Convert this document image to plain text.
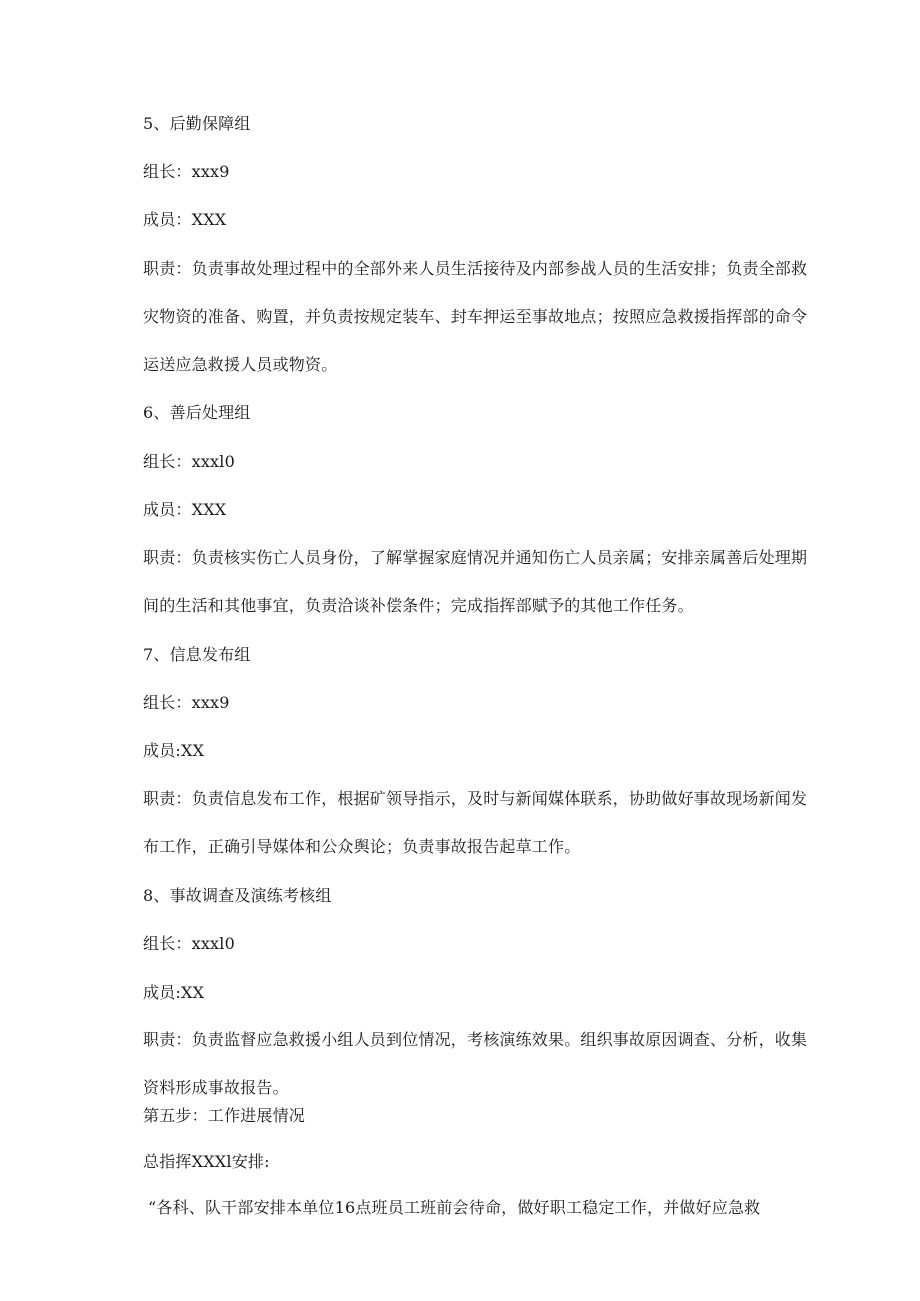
5、后勤保障组

组长：xxx9

成员：XXX

职责：负责事故处理过程中的全部外来人员生活接待及内部参战人员的生活安排；负责全部救灾物资的准备、购置，并负责按规定装车、封车押运至事故地点；按照应急救援指挥部的命令运送应急救援人员或物资。

6、善后处理组

组长：xxxl0

成员：XXX

职责：负责核实伤亡人员身份，了解掌握家庭情况并通知伤亡人员亲属；安排亲属善后处理期间的生活和其他事宜，负责洽谈补偿条件；完成指挥部赋予的其他工作任务。

7、信息发布组

组长：xxx9

成员:XX

职责：负责信息发布工作，根据矿领导指示，及时与新闻媒体联系，协助做好事故现场新闻发布工作，正确引导媒体和公众舆论；负责事故报告起草工作。

8、事故调查及演练考核组

组长：xxxl0

成员:XX

职责：负责监督应急救援小组人员到位情况，考核演练效果。组织事故原因调查、分析，收集资料形成事故报告。

第五步：工作进展情况

总指挥XXXl安排:

“各科、队干部安排本单位16点班员工班前会待命，做好职工稳定工作，并做好应急救
